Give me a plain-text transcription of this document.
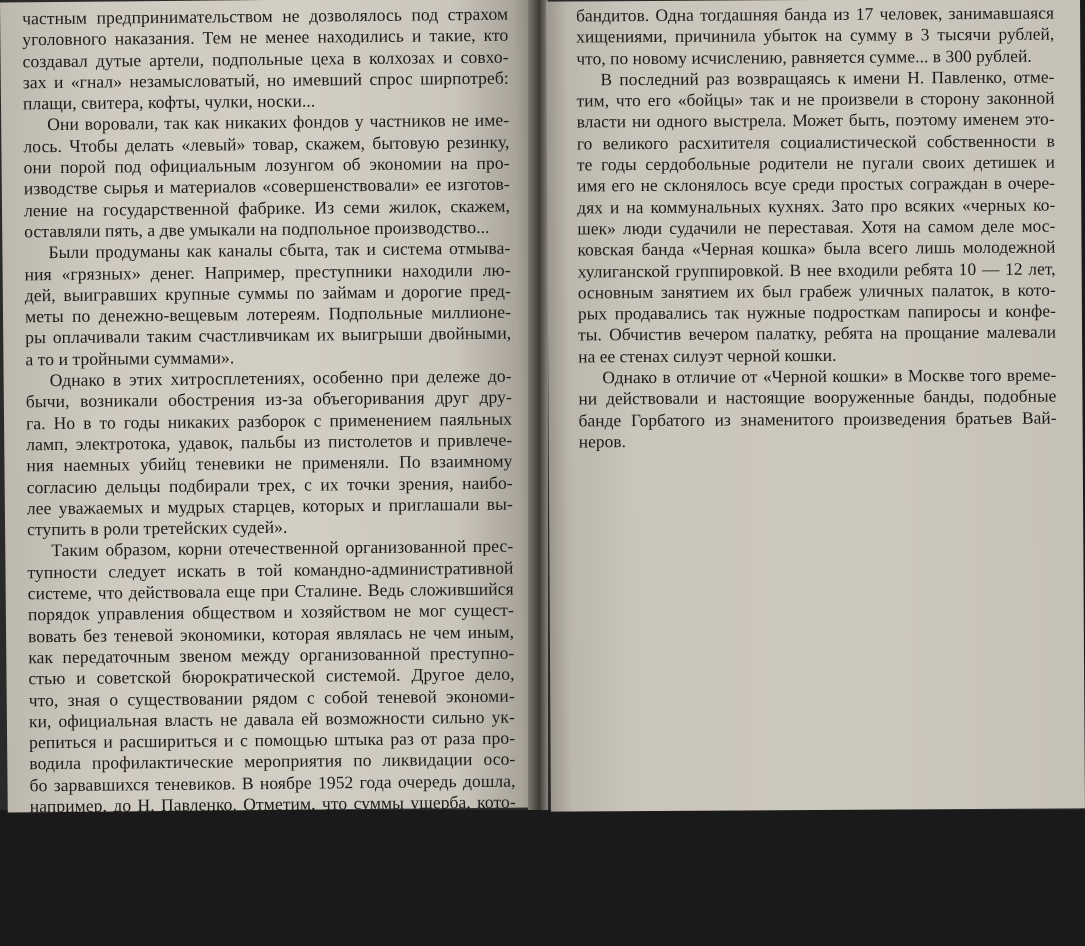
частным предпринимательством не дозволялось под страхом
уголовного наказания. Тем не менее находились и такие, кто
создавал дутые артели, подпольные цеха в колхозах и совхо-
зах и «гнал» незамысловатый, но имевший спрос ширпотреб:
плащи, свитера, кофты, чулки, носки...
Они воровали, так как никаких фондов у частников не име-
лось. Чтобы делать «левый» товар, скажем, бытовую резинку,
они порой под официальным лозунгом об экономии на про-
изводстве сырья и материалов «совершенствовали» ее изготов-
ление на государственной фабрике. Из семи жилок, скажем,
оставляли пять, а две умыкали на подпольное производство...
Были продуманы как каналы сбыта, так и система отмыва-
ния «грязных» денег. Например, преступники находили лю-
дей, выигравших крупные суммы по займам и дорогие пред-
меты по денежно-вещевым лотереям. Подпольные миллионе-
ры оплачивали таким счастливчикам их выигрыши двойными,
а то и тройными суммами».
Однако в этих хитросплетениях, особенно при дележе до-
бычи, возникали обострения из-за объегоривания друг дру-
га. Но в то годы никаких разборок с применением паяльных
ламп, электротока, удавок, пальбы из пистолетов и привлече-
ния наемных убийц теневики не применяли. По взаимному
согласию дельцы подбирали трех, с их точки зрения, наибо-
лее уважаемых и мудрых старцев, которых и приглашали вы-
ступить в роли третейских судей».
Таким образом, корни отечественной организованной прес-
тупности следует искать в той командно-административной
системе, что действовала еще при Сталине. Ведь сложившийся
порядок управления обществом и хозяйством не мог сущест-
вовать без теневой экономики, которая являлась не чем иным,
как передаточным звеном между организованной преступно-
стью и советской бюрократической системой. Другое дело,
что, зная о существовании рядом с собой теневой экономи-
ки, официальная власть не давала ей возможности сильно ук-
репиться и расшириться и с помощью штыка раз от раза про-
водила профилактические мероприятия по ликвидации осо-
бо зарвавшихся теневиков. В ноябре 1952 года очередь дошла,
например, до Н. Павленко. Отметим, что суммы ущерба, кото-
рый наносили шайки бандитов в то время, не шли ни в какое
сравнение с тем, что происходит сегодня. Специалист по ор-
ганизованной преступности в СССР Александр Гуров (о нем
еще пойдет речь впереди), изучив в Мосгорсуде дела 40 бан-
дитских групп, разоблаченных за период с 1946 по 1959 год,
выяснил, что их «подвиги» куда скромнее, нежели с
бандитов. Одна тогдашняя банда из 17 человек, занимавшаяся
хищениями, причинила убыток на сумму в 3 тысячи рублей,
что, по новому исчислению, равняется сумме... в 300 рублей.
В последний раз возвращаясь к имени Н. Павленко, отме-
тим, что его «бойцы» так и не произвели в сторону законной
власти ни одного выстрела. Может быть, поэтому именем это-
го великого расхитителя социалистической собственности в
те годы сердобольные родители не пугали своих детишек и
имя его не склонялось всуе среди простых сограждан в очере-
дях и на коммунальных кухнях. Зато про всяких «черных ко-
шек» люди судачили не переставая. Хотя на самом деле мос-
ковская банда «Черная кошка» была всего лишь молодежной
хулиганской группировкой. В нее входили ребята 10 — 12 лет,
основным занятием их был грабеж уличных палаток, в кото-
рых продавались так нужные подросткам папиросы и конфе-
ты. Обчистив вечером палатку, ребята на прощание малевали
на ее стенах силуэт черной кошки.
Однако в отличие от «Черной кошки» в Москве того време-
ни действовали и настоящие вооруженные банды, подобные
банде Горбатого из знаменитого произведения братьев Вай-
неров.
